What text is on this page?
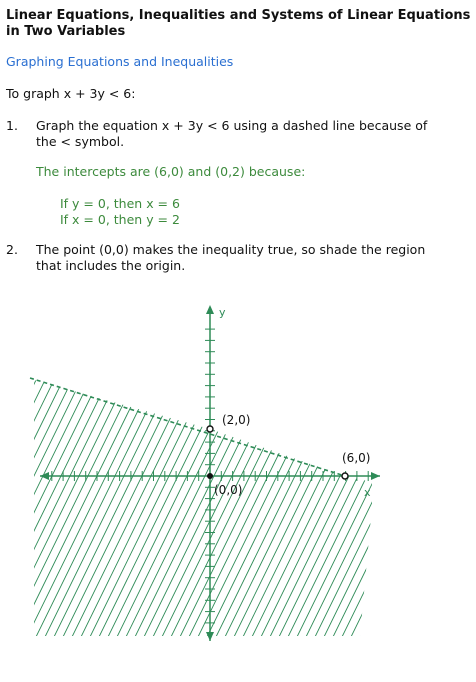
Linear Equations, Inequalities and Systems of Linear Equations in Two Variables
Graphing Equations and Inequalities
To graph x + 3y < 6:
1. Graph the equation x + 3y < 6 using a dashed line because of the < symbol.
The intercepts are (6,0) and (0,2) because:
If y = 0, then x = 6
If x = 0, then y = 2
2. The point (0,0) makes the inequality true, so shade the region that includes the origin.
y
x
(2,0)
(6,0)
(0,0)
